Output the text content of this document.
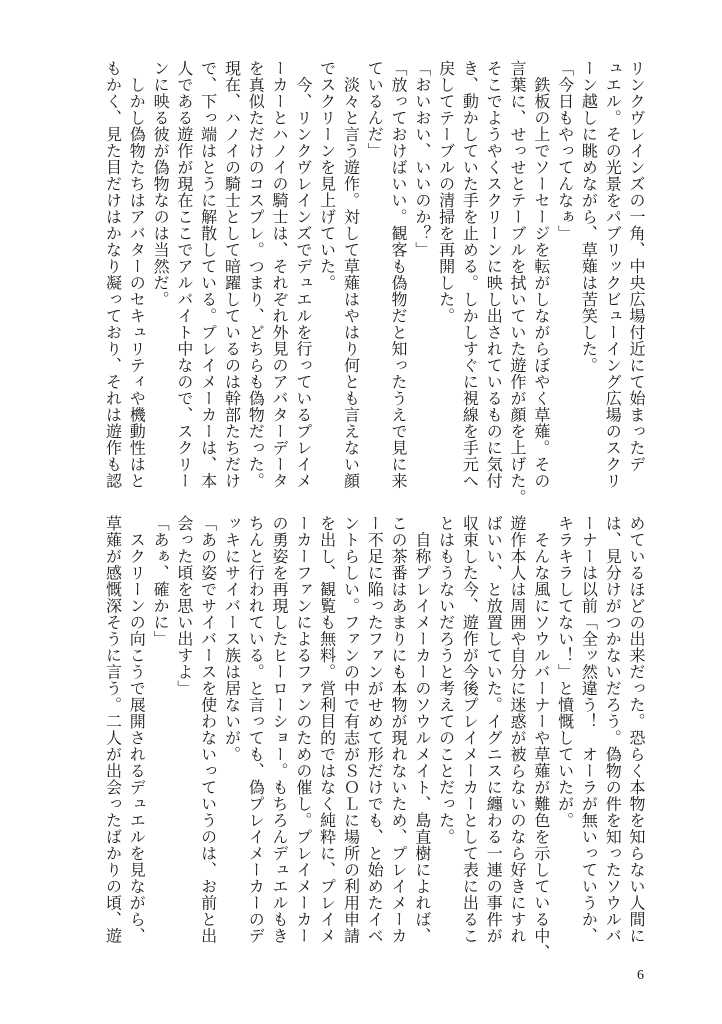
リンクヴレインズの一角、中央広場付近にて始まったデ
ュエル。その光景をパブリックビューイング広場のスクリ
ーン越しに眺めながら、草薙は苦笑した。
「今日もやってんなぁ」
　鉄板の上でソーセージを転がしながらぼやく草薙。その
言葉に、せっせとテーブルを拭いていた遊作が顔を上げた。
そこでようやくスクリーンに映し出されているものに気付
き、動かしていた手を止める。しかしすぐに視線を手元へ
戻してテーブルの清掃を再開した。
「おいおい、いいのか？」
「放っておけばいい。観客も偽物だと知ったうえで見に来
ているんだ」
　淡々と言う遊作。対して草薙はやはり何とも言えない顔
でスクリーンを見上げていた。
　今、リンクヴレインズでデュエルを行っているプレイメ
ーカーとハノイの騎士は、それぞれ外見のアバターデータ
を真似ただけのコスプレ。つまり、どちらも偽物だった。
現在、ハノイの騎士として暗躍しているのは幹部たちだけ
で、下っ端はとうに解散している。プレイメーカーは、本
人である遊作が現在ここでアルバイト中なので、スクリー
ンに映る彼が偽物なのは当然だ。
　しかし偽物たちはアバターのセキュリティや機動性はと
もかく、見た目だけはかなり凝っており、それは遊作も認
めているほどの出来だった。恐らく本物を知らない人間に
は、見分けがつかないだろう。偽物の件を知ったソウルバ
ーナーは以前「全ッ然違う！　オーラが無いっていうか、
キラキラしてない！」と憤慨していたが。
　そんな風にソウルバーナーや草薙が難色を示している中、
遊作本人は周囲や自分に迷惑が被らないのなら好きにすれ
ばいい、と放置していた。イグニスに纏わる一連の事件が
収束した今、遊作が今後プレイメーカーとして表に出るこ
とはもうないだろうと考えてのことだった。
　自称プレイメーカーのソウルメイト、島直樹によれば、
この茶番はあまりにも本物が現れないため、プレイメーカ
ー不足に陥ったファンがせめて形だけでも、と始めたイベ
ントらしい。ファンの中で有志がＳＯＬに場所の利用申請
を出し、観覧も無料。営利目的ではなく純粋に、プレイメ
ーカーファンによるファンのための催し。プレイメーカー
の勇姿を再現したヒーローショー。もちろんデュエルもき
ちんと行われている。と言っても、偽プレイメーカーのデ
ッキにサイバース族は居ないが。
「あの姿でサイバースを使わないっていうのは、お前と出
会った頃を思い出すよ」
「あぁ、確かに」
　スクリーンの向こうで展開されるデュエルを見ながら、
草薙が感慨深そうに言う。二人が出会ったばかりの頃、遊
6
